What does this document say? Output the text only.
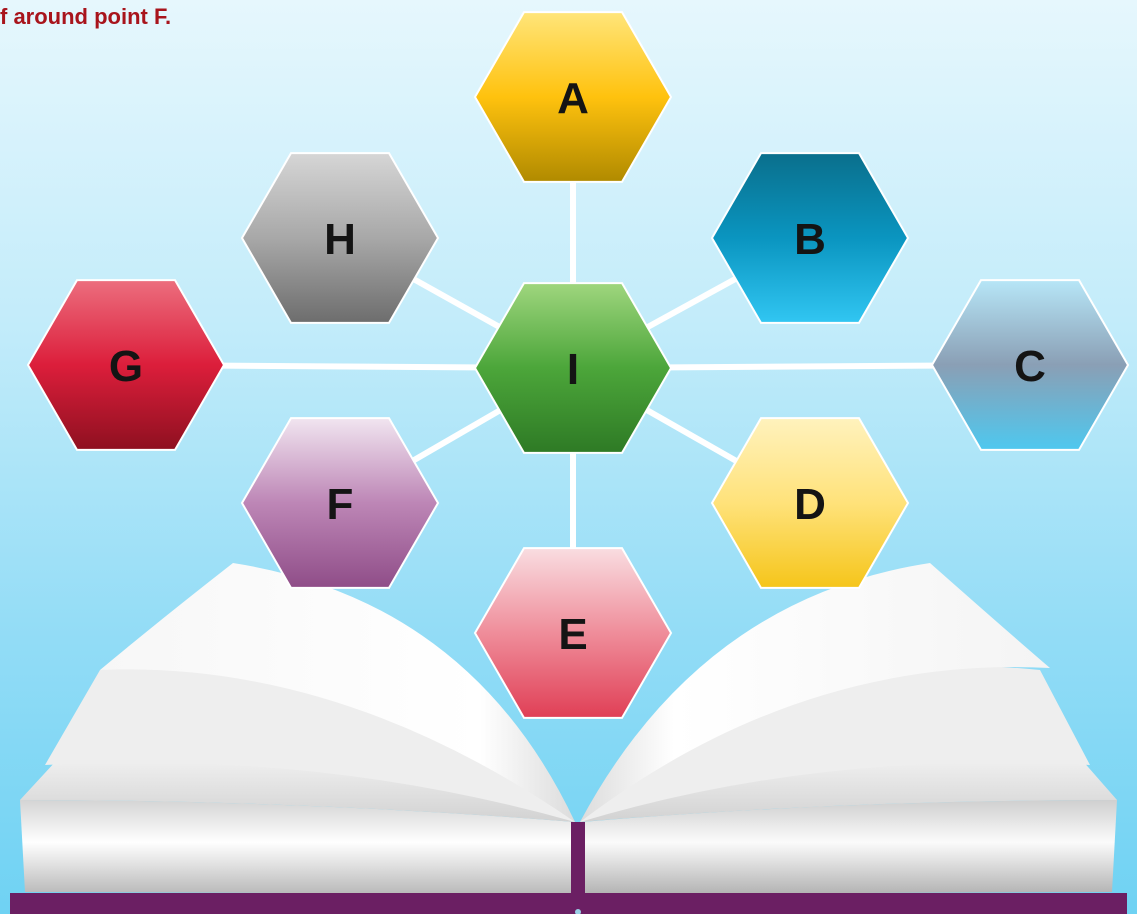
f around point F.
A
B
C
D
F
G
H
E
I
